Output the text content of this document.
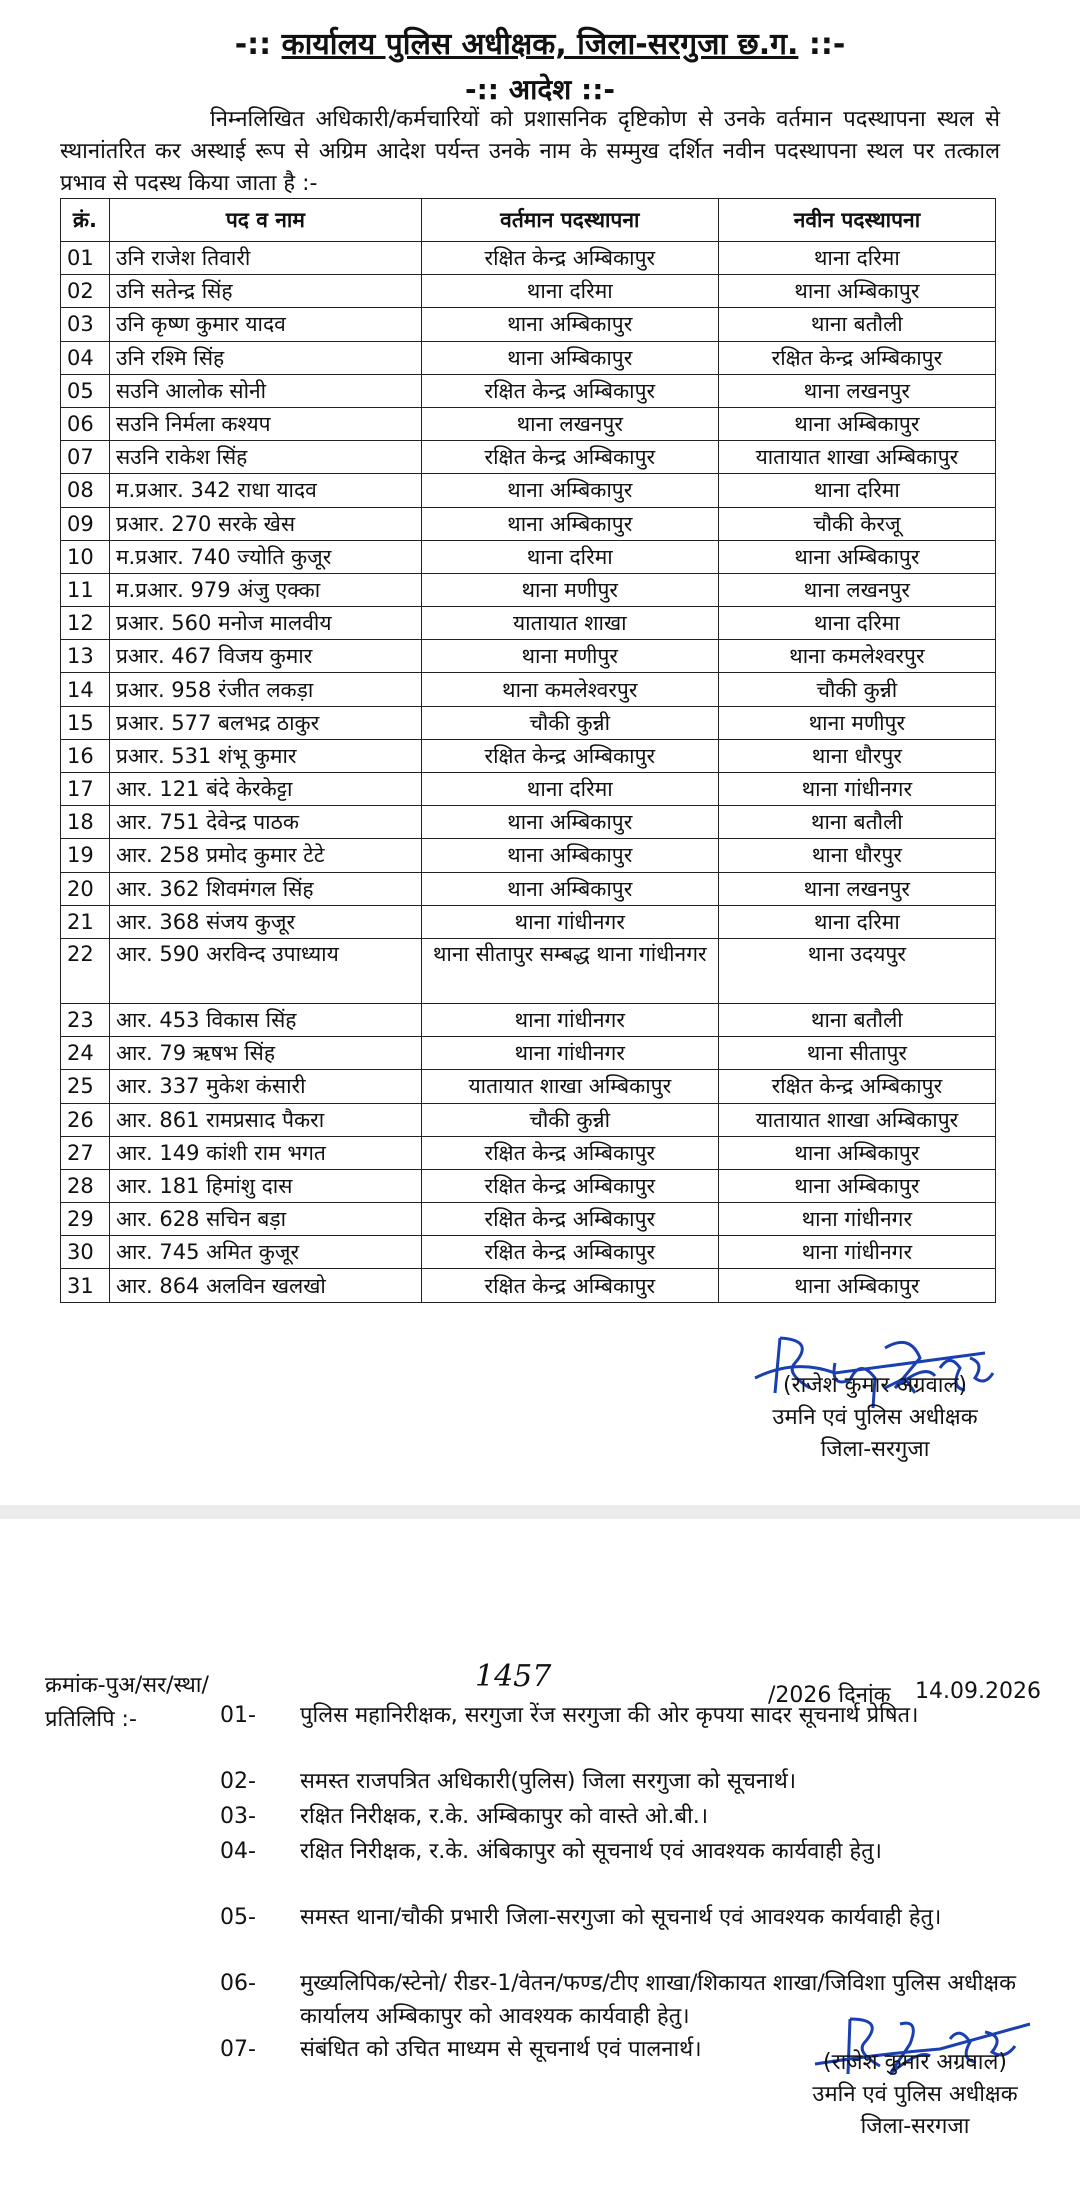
-:: कार्यालय पुलिस अधीक्षक, जिला-सरगुजा छ.ग. ::-
-:: आदेश ::-
निम्नलिखित अधिकारी/कर्मचारियों को प्रशासनिक दृष्टिकोण से उनके वर्तमान पदस्थापना स्थल से स्थानांतरित कर अस्थाई रूप से अग्रिम आदेश पर्यन्त उनके नाम के सम्मुख दर्शित नवीन पदस्थापना स्थल पर तत्काल प्रभाव से पदस्थ किया जाता है :-
क्रं.	पद व नाम	वर्तमान पदस्थापना	नवीन पदस्थापना
01	उनि राजेश तिवारी	रक्षित केन्द्र अम्बिकापुर	थाना दरिमा
02	उनि सतेन्द्र सिंह	थाना दरिमा	थाना अम्बिकापुर
03	उनि कृष्ण कुमार यादव	थाना अम्बिकापुर	थाना बतौली
04	उनि रश्मि सिंह	थाना अम्बिकापुर	रक्षित केन्द्र अम्बिकापुर
05	सउनि आलोक सोनी	रक्षित केन्द्र अम्बिकापुर	थाना लखनपुर
06	सउनि निर्मला कश्यप	थाना लखनपुर	थाना अम्बिकापुर
07	सउनि राकेश सिंह	रक्षित केन्द्र अम्बिकापुर	यातायात शाखा अम्बिकापुर
08	म.प्रआर. 342 राधा यादव	थाना अम्बिकापुर	थाना दरिमा
09	प्रआर. 270 सरके खेस	थाना अम्बिकापुर	चौकी केरजू
10	म.प्रआर. 740 ज्योति कुजूर	थाना दरिमा	थाना अम्बिकापुर
11	म.प्रआर. 979 अंजु एक्का	थाना मणीपुर	थाना लखनपुर
12	प्रआर. 560 मनोज मालवीय	यातायात शाखा	थाना दरिमा
13	प्रआर. 467 विजय कुमार	थाना मणीपुर	थाना कमलेश्वरपुर
14	प्रआर. 958 रंजीत लकड़ा	थाना कमलेश्वरपुर	चौकी कुन्नी
15	प्रआर. 577 बलभद्र ठाकुर	चौकी कुन्नी	थाना मणीपुर
16	प्रआर. 531 शंभू कुमार	रक्षित केन्द्र अम्बिकापुर	थाना धौरपुर
17	आर. 121 बंदे केरकेट्टा	थाना दरिमा	थाना गांधीनगर
18	आर. 751 देवेन्द्र पाठक	थाना अम्बिकापुर	थाना बतौली
19	आर. 258 प्रमोद कुमार टेटे	थाना अम्बिकापुर	थाना धौरपुर
20	आर. 362 शिवमंगल सिंह	थाना अम्बिकापुर	थाना लखनपुर
21	आर. 368 संजय कुजूर	थाना गांधीनगर	थाना दरिमा
22	आर. 590 अरविन्द उपाध्याय	थाना सीतापुर सम्बद्ध थाना गांधीनगर	थाना उदयपुर
23	आर. 453 विकास सिंह	थाना गांधीनगर	थाना बतौली
24	आर. 79 ऋषभ सिंह	थाना गांधीनगर	थाना सीतापुर
25	आर. 337 मुकेश कंसारी	यातायात शाखा अम्बिकापुर	रक्षित केन्द्र अम्बिकापुर
26	आर. 861 रामप्रसाद पैकरा	चौकी कुन्नी	यातायात शाखा अम्बिकापुर
27	आर. 149 कांशी राम भगत	रक्षित केन्द्र अम्बिकापुर	थाना अम्बिकापुर
28	आर. 181 हिमांशु दास	रक्षित केन्द्र अम्बिकापुर	थाना अम्बिकापुर
29	आर. 628 सचिन बड़ा	रक्षित केन्द्र अम्बिकापुर	थाना गांधीनगर
30	आर. 745 अमित कुजूर	रक्षित केन्द्र अम्बिकापुर	थाना गांधीनगर
31	आर. 864 अलविन खलखो	रक्षित केन्द्र अम्बिकापुर	थाना अम्बिकापुर
(राजेश कुमार अग्रवाल)
उमनि एवं पुलिस अधीक्षक
जिला-सरगुजा
क्रमांक-पुअ/सर/स्था/	1457
/2026 दिनांक 14.09.2026
प्रतिलिपि :-	01-	पुलिस महानिरीक्षक, सरगुजा रेंज सरगुजा की ओर कृपया सादर सूचनार्थ प्रेषित।
02-	समस्त राजपत्रित अधिकारी(पुलिस) जिला सरगुजा को सूचनार्थ।
03-	रक्षित निरीक्षक, र.के. अम्बिकापुर को वास्ते ओ.बी.।
04-	रक्षित निरीक्षक, र.के. अंबिकापुर को सूचनार्थ एवं आवश्यक कार्यवाही हेतु।
05-	समस्त थाना/चौकी प्रभारी जिला-सरगुजा को सूचनार्थ एवं आवश्यक कार्यवाही हेतु।
06-	मुख्यलिपिक/स्टेनो/ रीडर-1/वेतन/फण्ड/टीए शाखा/शिकायत शाखा/जिविशा पुलिस अधीक्षक कार्यालय अम्बिकापुर को आवश्यक कार्यवाही हेतु।
07-	संबंधित को उचित माध्यम से सूचनार्थ एवं पालनार्थ।
(राजेश कुमार अग्रवाल)
उमनि एवं पुलिस अधीक्षक
जिला-सरगजा
